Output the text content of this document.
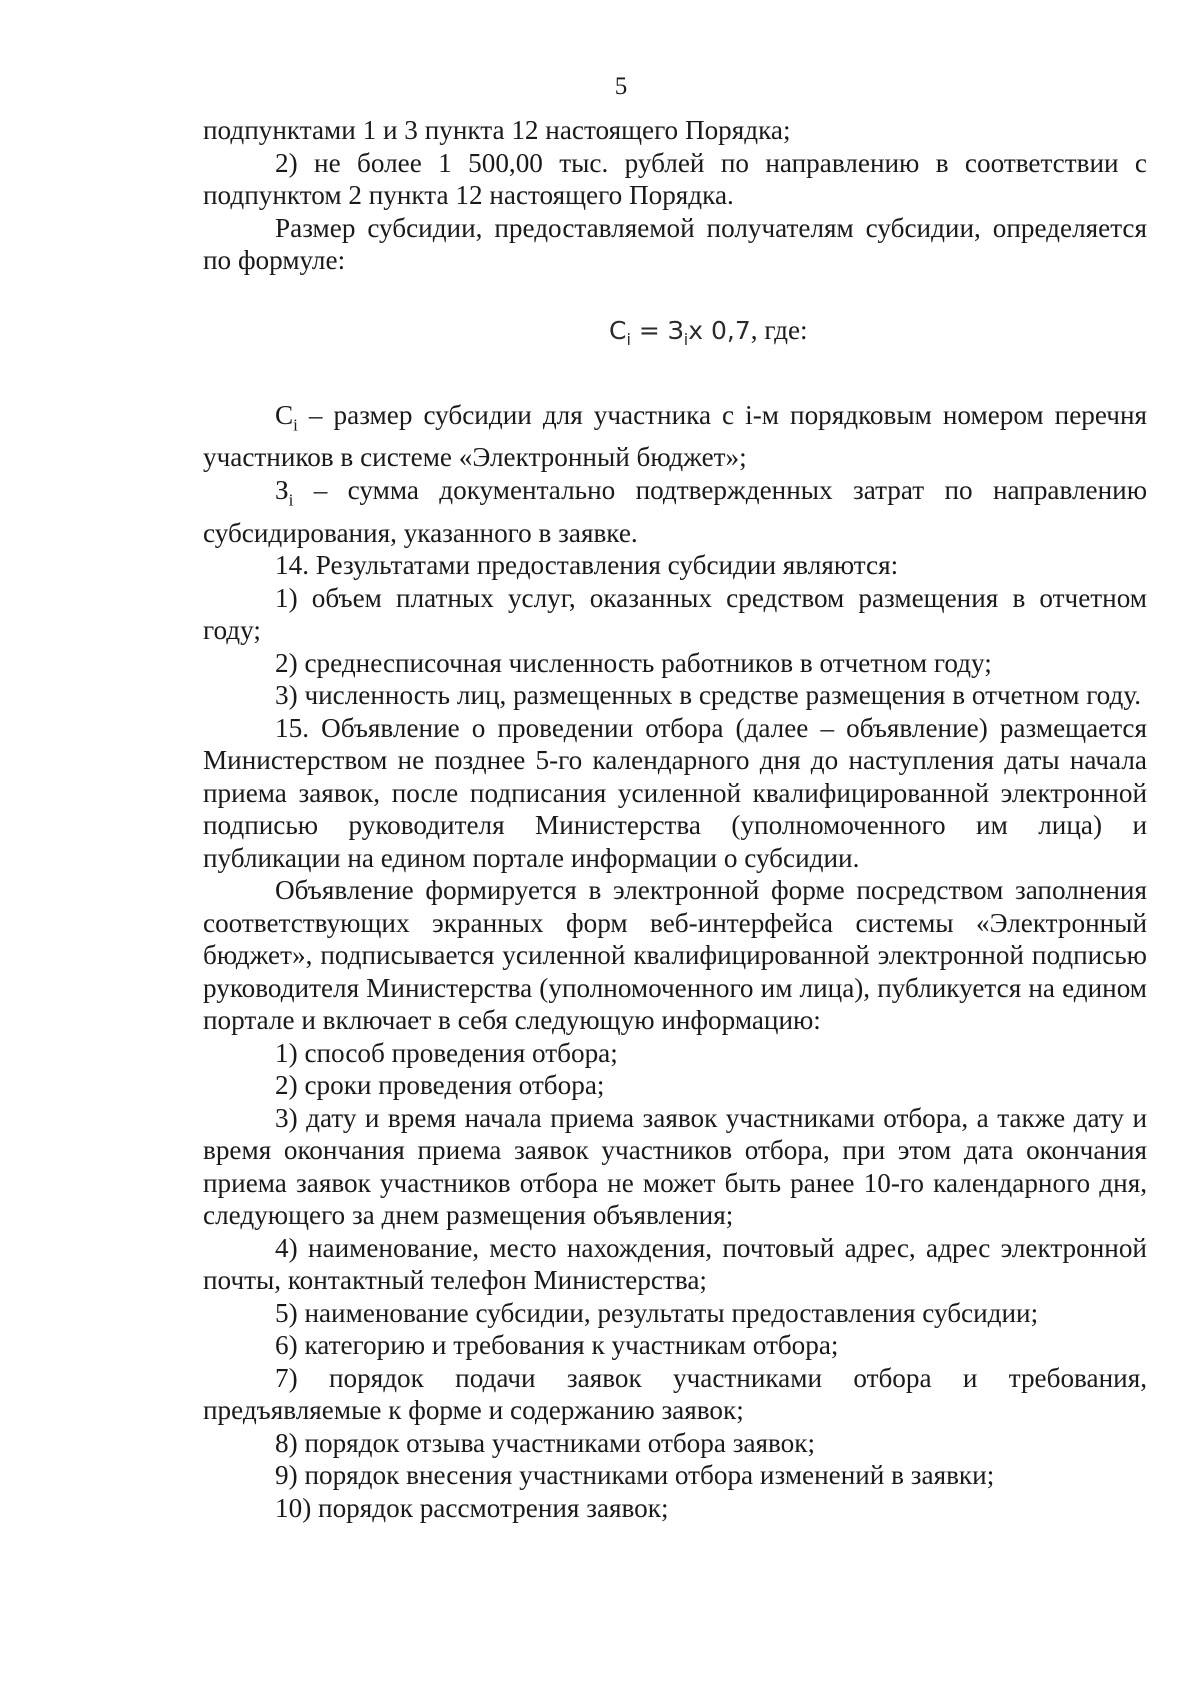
5

подпунктами 1 и 3 пункта 12 настоящего Порядка;

2) не более 1 500,00 тыс. рублей по направлению в соответствии с подпунктом 2 пункта 12 настоящего Порядка.

Размер субсидии, предоставляемой получателям субсидии, определяется по формуле:

$С_i = З_ix$ 0,7, где:

$С_i$ – размер субсидии для участника с i-м порядковым номером перечня участников в системе «Электронный бюджет»;

$З_i$ – сумма документально подтвержденных затрат по направлению субсидирования, указанного в заявке.

14. Результатами предоставления субсидии являются:

1) объем платных услуг, оказанных средством размещения в отчетном году;

2) среднесписочная численность работников в отчетном году;

3) численность лиц, размещенных в средстве размещения в отчетном году.

15. Объявление о проведении отбора (далее – объявление) размещается Министерством не позднее 5-го календарного дня до наступления даты начала приема заявок, после подписания усиленной квалифицированной электронной подписью руководителя Министерства (уполномоченного им лица) и публикации на едином портале информации о субсидии.

Объявление формируется в электронной форме посредством заполнения соответствующих экранных форм веб-интерфейса системы «Электронный бюджет», подписывается усиленной квалифицированной электронной подписью руководителя Министерства (уполномоченного им лица), публикуется на едином портале и включает в себя следующую информацию:

1) способ проведения отбора;

2) сроки проведения отбора;

3) дату и время начала приема заявок участниками отбора, а также дату и время окончания приема заявок участников отбора, при этом дата окончания приема заявок участников отбора не может быть ранее 10-го календарного дня, следующего за днем размещения объявления;

4) наименование, место нахождения, почтовый адрес, адрес электронной почты, контактный телефон Министерства;

5) наименование субсидии, результаты предоставления субсидии;

6) категорию и требования к участникам отбора;

7) порядок подачи заявок участниками отбора и требования, предъявляемые к форме и содержанию заявок;

8) порядок отзыва участниками отбора заявок;

9) порядок внесения участниками отбора изменений в заявки;

10) порядок рассмотрения заявок;
